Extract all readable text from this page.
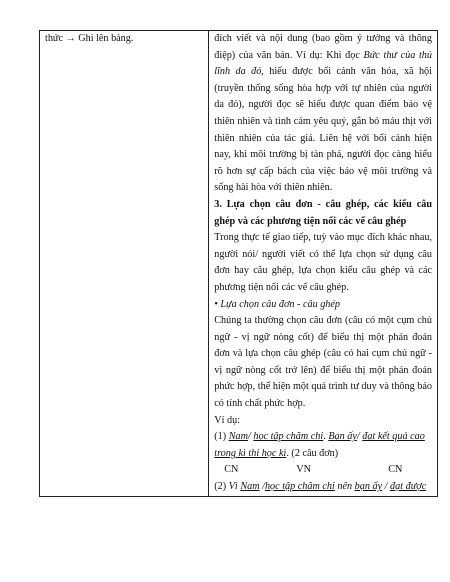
thức → Ghi lên bảng.	đích viết và nội dung (bao gồm ý tưởng và thông điệp) của văn bản. Ví dụ: Khi đọc Bức thư của thủ lĩnh da đỏ, hiểu được bối cảnh văn hóa, xã hội (truyền thống sống hòa hợp với tự nhiên của người da đỏ), người đọc sẽ hiểu được quan điểm bảo vệ thiên nhiên và tình cảm yêu quý, gắn bó máu thịt với thiên nhiên của tác giả. Liên hệ với bối cảnh hiện nay, khi môi trường bị tàn phá, người đọc càng hiểu rõ hơn sự cấp bách của việc bảo vệ môi trường và sống hài hòa với thiên nhiên.

3. Lựa chọn câu đơn - câu ghép, các kiểu câu ghép và các phương tiện nối các vế câu ghép

Trong thực tế giao tiếp, tuỳ vào mục đích khác nhau, người nói/ người viết có thể lựa chọn sử dụng câu đơn hay câu ghép, lựa chọn kiểu câu ghép và các phương tiện nối các vế câu ghép.

• Lựa chọn câu đơn - câu ghép

Chúng ta thường chọn câu đơn (câu có một cụm chủ ngữ - vị ngữ nòng cốt) để biểu thị một phán đoán đơn và lựa chọn câu ghép (câu có hai cụm chủ ngữ - vị ngữ nòng cốt trở lên) để biểu thị một phán đoán phức hợp, thể hiện một quá trình tư duy và thông báo có tính chất phức hợp.

Ví dụ:

(1) Nam/ học tập chăm chỉ. Bạn ấy/ đạt kết quả cao trong kì thi học kì. (2 câu đơn)

CN	VN	CN

(2) Vì Nam /học tập chăm chỉ nên bạn ấy / đạt được
